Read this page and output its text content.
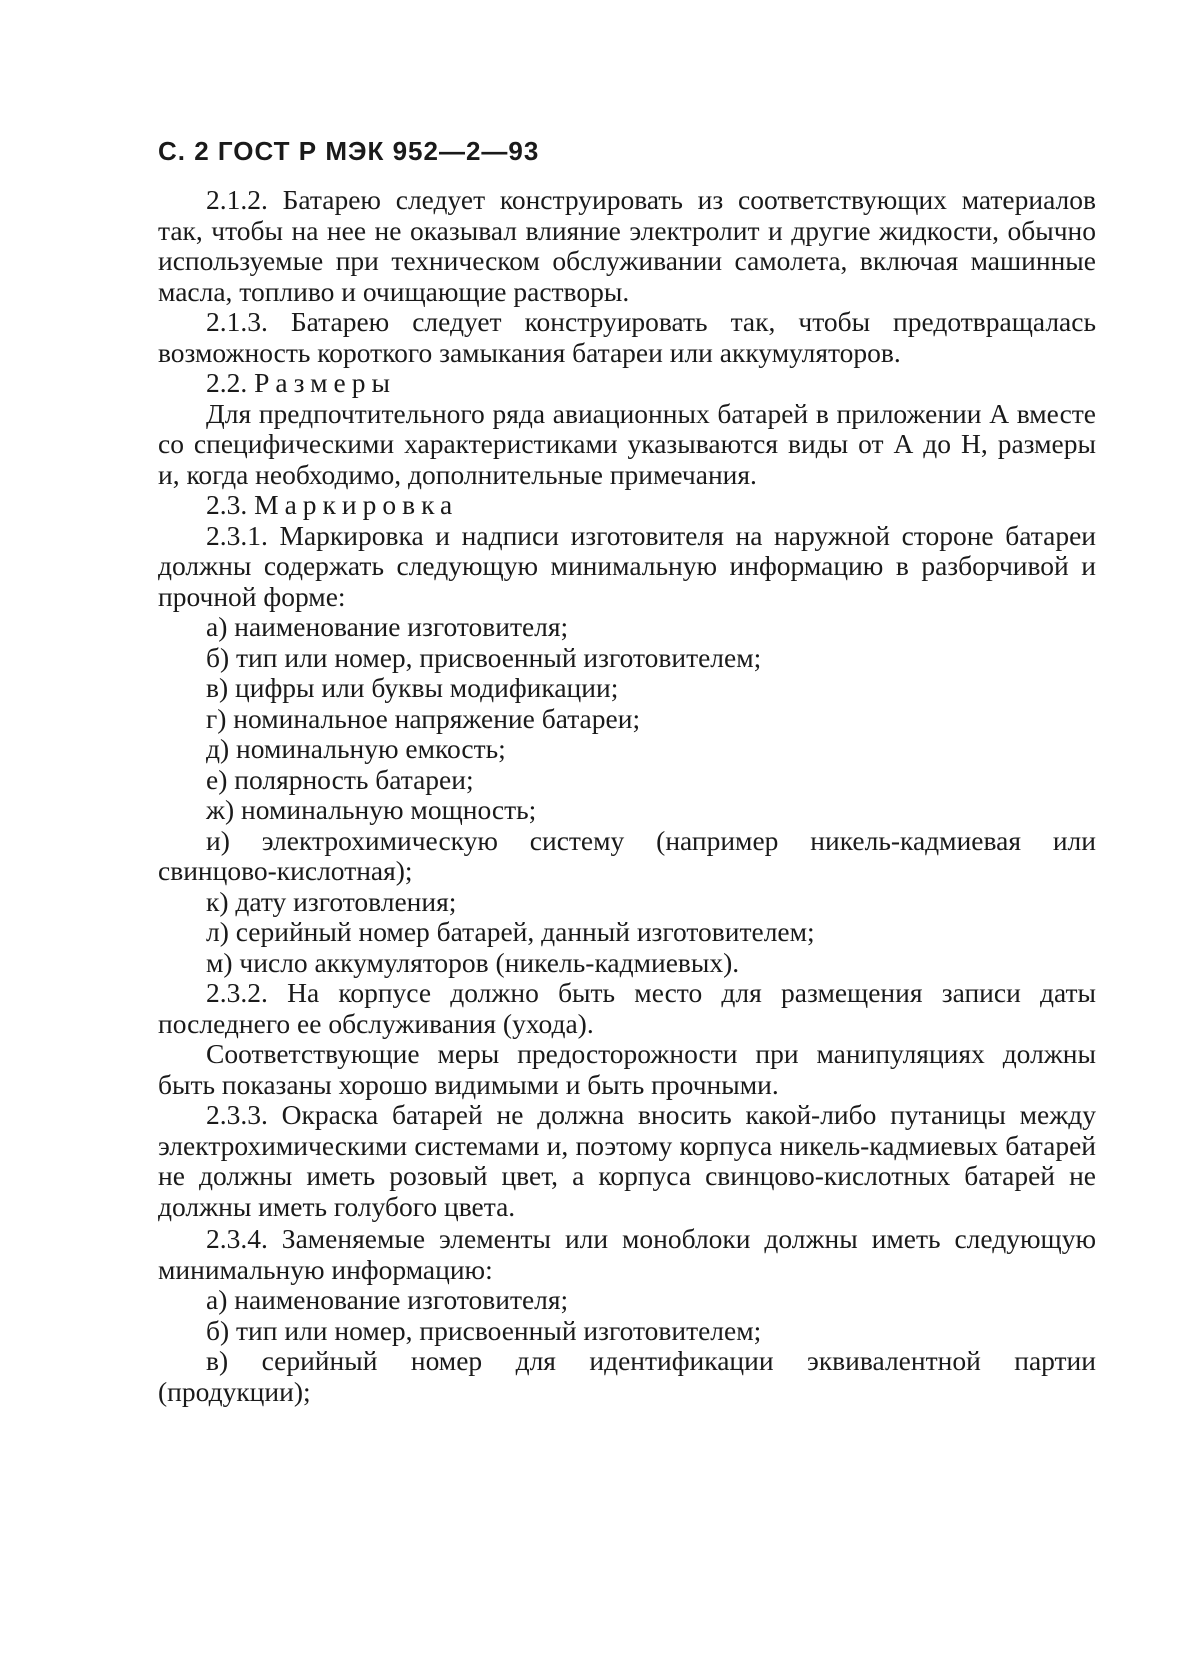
С. 2 ГОСТ Р МЭК 952—2—93

2.1.2. Батарею следует конструировать из соответствующих материалов так, чтобы на нее не оказывал влияние электролит и другие жидкости, обычно используемые при техническом обслуживании самолета, включая машинные масла, топливо и очищающие растворы.

2.1.3. Батарею следует конструировать так, чтобы предотвращалась возможность короткого замыкания батареи или аккумуляторов.

2.2. Размеры

Для предпочтительного ряда авиационных батарей в приложении А вместе со специфическими характеристиками указываются виды от А до Н, размеры и, когда необходимо, дополнительные примечания.

2.3. Маркировка

2.3.1. Маркировка и надписи изготовителя на наружной стороне батареи должны содержать следующую минимальную информацию в разборчивой и прочной форме:

а) наименование изготовителя;

б) тип или номер, присвоенный изготовителем;

в) цифры или буквы модификации;

г) номинальное напряжение батареи;

д) номинальную емкость;

е) полярность батареи;

ж) номинальную мощность;

и) электрохимическую систему (например никель-кадмиевая или свинцово-кислотная);

к) дату изготовления;

л) серийный номер батарей, данный изготовителем;

м) число аккумуляторов (никель-кадмиевых).

2.3.2. На корпусе должно быть место для размещения записи даты последнего ее обслуживания (ухода).

Соответствующие меры предосторожности при манипуляциях должны быть показаны хорошо видимыми и быть прочными.

2.3.3. Окраска батарей не должна вносить какой-либо путаницы между электрохимическими системами и, поэтому корпуса никель-кадмиевых батарей не должны иметь розовый цвет, а корпуса свинцово-кислотных батарей не должны иметь голубого цвета.

2.3.4. Заменяемые элементы или моноблоки должны иметь следующую минимальную информацию:

а) наименование изготовителя;

б) тип или номер, присвоенный изготовителем;

в) серийный номер для идентификации эквивалентной партии (продукции);
